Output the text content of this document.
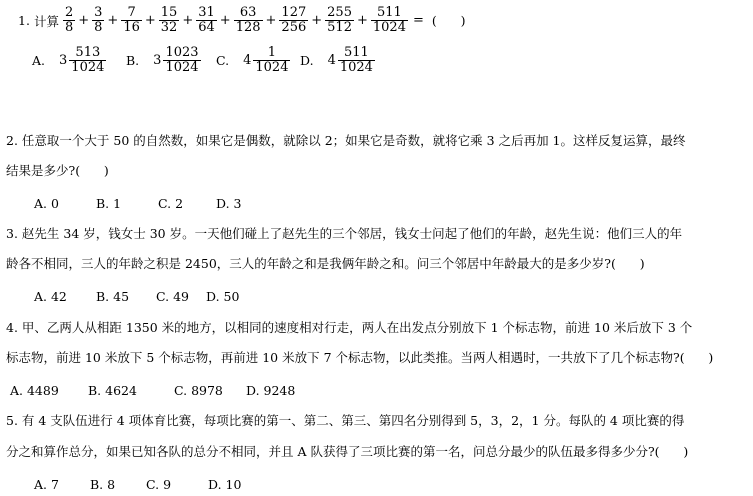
1. 计算 $\frac{2}{8} + \frac{3}{8} + \frac{7}{16} + \frac{15}{32} + \frac{31}{64} + \frac{63}{128} + \frac{127}{256} + \frac{255}{512} + \frac{511}{1024}$ = (      )
A. $3 \frac{513}{1024} B$. $3 \frac{1023}{1024} C$. $4 \frac{1}{1024} D$. $4 \frac{511}{1024}$
2. 任意取一个大于 50 的自然数，如果它是偶数，就除以 2；如果它是奇数，就将它乘 3 之后再加 1。这样反复运算，最终
结果是多少?(      )
A. 0	B. 1	C. 2	D. 3
3. 赵先生 34 岁，钱女士 30 岁。一天他们碰上了赵先生的三个邻居，钱女士问起了他们的年龄，赵先生说：他们三人的年
龄各不相同，三人的年龄之积是 2450，三人的年龄之和是我俩年龄之和。问三个邻居中年龄最大的是多少岁?(      )
A. 42 B. 45 C. 49 D. 50
4. 甲、乙两人从相距 1350 米的地方，以相同的速度相对行走，两人在出发点分别放下 1 个标志物，前进 10 米后放下 3 个
标志物，前进 10 米放下 5 个标志物，再前进 10 米放下 7 个标志物，以此类推。当两人相遇时，一共放下了几个标志物?(      )
A. 4489 B. 4624	C. 8978 D. 9248
5. 有 4 支队伍进行 4 项体育比赛，每项比赛的第一、第二、第三、第四名分别得到 5，3，2，1 分。每队的 4 项比赛的得
分之和算作总分，如果已知各队的总分不相同，并且 A 队获得了三项比赛的第一名，问总分最少的队伍最多得多少分?(      )
A. 7 B. 8 C. 9	D. 10
